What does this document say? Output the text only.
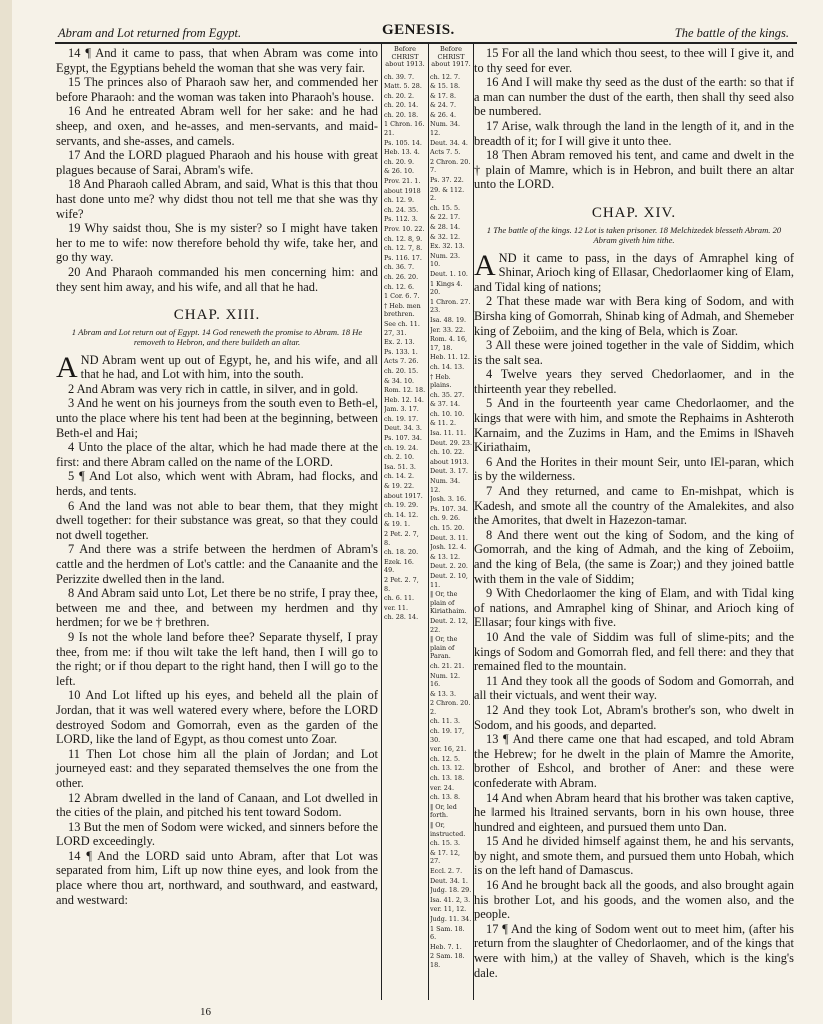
Abram and Lot returned from Egypt.	GENESIS.	The battle of the kings.

14 ¶ And it came to pass, that when Abram was come into Egypt, the Egyptians beheld the woman that she was very fair.

15 The princes also of Pharaoh saw her, and commended her before Pharaoh: and the woman was taken into Pharaoh's house.

16 And he entreated Abram well for her sake: and he had sheep, and oxen, and he-asses, and men-servants, and maid-servants, and she-asses, and camels.

17 And the LORD plagued Pharaoh and his house with great plagues because of Sarai, Abram's wife.

18 And Pharaoh called Abram, and said, What is this that thou hast done unto me? why didst thou not tell me that she was thy wife?

19 Why saidst thou, She is my sister? so I might have taken her to me to wife: now therefore behold thy wife, take her, and go thy way.

20 And Pharaoh commanded his men concerning him: and they sent him away, and his wife, and all that he had.

CHAP. XIII.
1 Abram and Lot return out of Egypt. 14 God reneweth the promise to Abram. 18 He removeth to Hebron, and there buildeth an altar.

AND Abram went up out of Egypt, he, and his wife, and all that he had, and Lot with him, into the south.

2 And Abram was very rich in cattle, in silver, and in gold.

3 And he went on his journeys from the south even to Beth-el, unto the place where his tent had been at the beginning, between Beth-el and Hai;

4 Unto the place of the altar, which he had made there at the first: and there Abram called on the name of the LORD.

5 ¶ And Lot also, which went with Abram, had flocks, and herds, and tents.

6 And the land was not able to bear them, that they might dwell together: for their substance was great, so that they could not dwell together.

7 And there was a strife between the herdmen of Abram's cattle and the herdmen of Lot's cattle: and the Canaanite and the Perizzite dwelled then in the land.

8 And Abram said unto Lot, Let there be no strife, I pray thee, between me and thee, and between my herdmen and thy herdmen; for we be † brethren.

9 Is not the whole land before thee? Separate thyself, I pray thee, from me: if thou wilt take the left hand, then I will go to the right; or if thou depart to the right hand, then I will go to the left.

10 And Lot lifted up his eyes, and beheld all the plain of Jordan, that it was well watered every where, before the LORD destroyed Sodom and Gomorrah, even as the garden of the LORD, like the land of Egypt, as thou comest unto Zoar.

11 Then Lot chose him all the plain of Jordan; and Lot journeyed east: and they separated themselves the one from the other.

12 Abram dwelled in the land of Canaan, and Lot dwelled in the cities of the plain, and pitched his tent toward Sodom.

13 But the men of Sodom were wicked, and sinners before the LORD exceedingly.

14 ¶ And the LORD said unto Abram, after that Lot was separated from him, Lift up now thine eyes, and look from the place where thou art, northward, and southward, and eastward, and westward:

Before CHRIST about 1913.
ch. 39. 7.
Matt. 5. 28.
ch. 20. 2.
ch. 20. 14.
ch. 20. 18.
1 Chron. 16. 21.
Ps. 105. 14.
Heb. 13. 4.
ch. 20. 9.
& 26. 10.
Prov. 21. 1.
about 1918
ch. 12. 9.
ch. 24. 35.
Ps. 112. 3.
Prov. 10. 22.
ch. 12. 8, 9.
ch. 12. 7, 8.
Ps. 116. 17.
ch. 36. 7.
ch. 26. 20.
ch. 12. 6.
1 Cor. 6. 7.
† Heb. men brethren.
See ch. 11. 27, 31.
Ex. 2. 13.
Ps. 133. 1.
Acts 7. 26.
ch. 20. 15.
& 34. 10.
Rom. 12. 18.
Heb. 12. 14.
Jam. 3. 17.
ch. 19. 17.
Deut. 34. 3.
Ps. 107. 34.
ch. 19. 24.
ch. 2. 10.
Isa. 51. 3.
ch. 14. 2.
& 19. 22.
about 1917.
ch. 19. 29.
ch. 14. 12.
& 19. 1.
2 Pet. 2. 7, 8.
ch. 18. 20.
Ezek. 16. 49.
2 Pet. 2. 7, 8.
ch. 6. 11.
ver. 11.
ch. 28. 14.
Before CHRIST about 1917.
ch. 12. 7.
& 15. 18.
& 17. 8.
& 24. 7.
& 26. 4.
Num. 34. 12.
Deut. 34. 4.
Acts 7. 5.
2 Chron. 20. 7.
Ps. 37. 22.
29. & 112. 2.
ch. 15. 5.
& 22. 17.
& 28. 14.
& 32. 12.
Ex. 32. 13.
Num. 23. 10.
Deut. 1. 10.
1 Kings 4. 20.
1 Chron. 27. 23.
Isa. 48. 19.
Jer. 33. 22.
Rom. 4. 16, 17, 18.
Heb. 11. 12.
ch. 14. 13.
† Heb. plains.
ch. 35. 27.
& 37. 14.
ch. 10. 10.
& 11. 2.
Isa. 11. 11.
Deut. 29. 23.
ch. 10. 22.
about 1913.
Deut. 3. 17.
Num. 34. 12.
Josh. 3. 16.
Ps. 107. 34.
ch. 9. 26.
ch. 15. 20.
Deut. 3. 11.
Josh. 12. 4.
& 13. 12.
Deut. 2. 20.
Deut. 2. 10, 11.
‖ Or, the plain of Kiriathaim.
Deut. 2. 12, 22.
‖ Or, the plain of Paran.
ch. 21. 21.
Num. 12. 16.
& 13. 3.
2 Chron. 20. 2.
ch. 11. 3.
ch. 19. 17, 30.
ver. 16, 21.
ch. 12. 5.
ch. 13. 12.
ch. 13. 18.
ver. 24.
ch. 13. 8.
‖ Or, led forth.
‖ Or, instructed.
ch. 15. 3.
& 17. 12, 27.
Eccl. 2. 7.
Deut. 34. 1.
Judg. 18. 29.
Isa. 41. 2, 3.
ver. 11, 12.
Judg. 11. 34.
1 Sam. 18. 6.
Heb. 7. 1.
2 Sam. 18. 18.

15 For all the land which thou seest, to thee will I give it, and to thy seed for ever.

16 And I will make thy seed as the dust of the earth: so that if a man can number the dust of the earth, then shall thy seed also be numbered.

17 Arise, walk through the land in the length of it, and in the breadth of it; for I will give it unto thee.

18 Then Abram removed his tent, and came and dwelt in the † plain of Mamre, which is in Hebron, and built there an altar unto the LORD.

CHAP. XIV.
1 The battle of the kings. 12 Lot is taken prisoner. 18 Melchizedek blesseth Abram. 20 Abram giveth him tithe.

AND it came to pass, in the days of Amraphel king of Shinar, Arioch king of Ellasar, Chedorlaomer king of Elam, and Tidal king of nations;

2 That these made war with Bera king of Sodom, and with Birsha king of Gomorrah, Shinab king of Admah, and Shemeber king of Zeboiim, and the king of Bela, which is Zoar.

3 All these were joined together in the vale of Siddim, which is the salt sea.

4 Twelve years they served Chedorlaomer, and in the thirteenth year they rebelled.

5 And in the fourteenth year came Chedorlaomer, and the kings that were with him, and smote the Rephaims in Ashteroth Karnaim, and the Zuzims in Ham, and the Emims in ‖Shaveh Kiriathaim,

6 And the Horites in their mount Seir, unto ‖El-paran, which is by the wilderness.

7 And they returned, and came to En-mishpat, which is Kadesh, and smote all the country of the Amalekites, and also the Amorites, that dwelt in Hazezon-tamar.

8 And there went out the king of Sodom, and the king of Gomorrah, and the king of Admah, and the king of Zeboiim, and the king of Bela, (the same is Zoar;) and they joined battle with them in the vale of Siddim;

9 With Chedorlaomer the king of Elam, and with Tidal king of nations, and Amraphel king of Shinar, and Arioch king of Ellasar; four kings with five.

10 And the vale of Siddim was full of slime-pits; and the kings of Sodom and Gomorrah fled, and fell there: and they that remained fled to the mountain.

11 And they took all the goods of Sodom and Gomorrah, and all their victuals, and went their way.

12 And they took Lot, Abram's brother's son, who dwelt in Sodom, and his goods, and departed.

13 ¶ And there came one that had escaped, and told Abram the Hebrew; for he dwelt in the plain of Mamre the Amorite, brother of Eshcol, and brother of Aner: and these were confederate with Abram.

14 And when Abram heard that his brother was taken captive, he ‖armed his ‖trained servants, born in his own house, three hundred and eighteen, and pursued them unto Dan.

15 And he divided himself against them, he and his servants, by night, and smote them, and pursued them unto Hobah, which is on the left hand of Damascus.

16 And he brought back all the goods, and also brought again his brother Lot, and his goods, and the women also, and the people.

17 ¶ And the king of Sodom went out to meet him, (after his return from the slaughter of Chedorlaomer, and of the kings that were with him,) at the valley of Shaveh, which is the king's dale.

16
